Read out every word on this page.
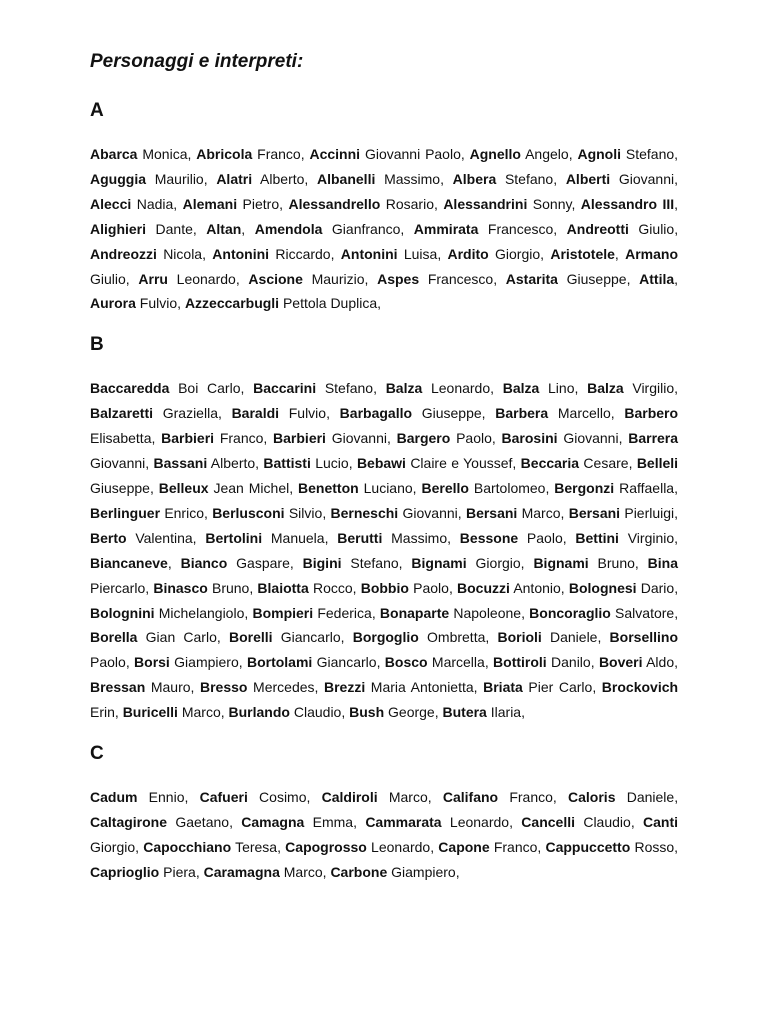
Personaggi e interpreti:
A
Abarca Monica, Abricola Franco, Accinni Giovanni Paolo, Agnello Angelo, Agnoli Stefano, Aguggia Maurilio, Alatri Alberto, Albanelli Massimo, Albera Stefano, Alberti Giovanni, Alecci Nadia, Alemani Pietro, Alessandrello Rosario, Alessandrini Sonny, Alessandro III, Alighieri Dante, Altan, Amendola Gianfranco, Ammirata Francesco, Andreotti Giulio, Andreozzi Nicola, Antonini Riccardo, Antonini Luisa, Ardito Giorgio, Aristotele, Armano Giulio, Arru Leonardo, Ascione Maurizio, Aspes Francesco, Astarita Giuseppe, Attila, Aurora Fulvio, Azzeccarbugli Pettola Duplica,
B
Baccaredda Boi Carlo, Baccarini Stefano, Balza Leonardo, Balza Lino, Balza Virgilio, Balzaretti Graziella, Baraldi Fulvio, Barbagallo Giuseppe, Barbera Marcello, Barbero Elisabetta, Barbieri Franco, Barbieri Giovanni, Bargero Paolo, Barosini Giovanni, Barrera Giovanni, Bassani Alberto, Battisti Lucio, Bebawi Claire e Youssef, Beccaria Cesare, Belleli Giuseppe, Belleux Jean Michel, Benetton Luciano, Berello Bartolomeo, Bergonzi Raffaella, Berlinguer Enrico, Berlusconi Silvio, Berneschi Giovanni, Bersani Marco, Bersani Pierluigi, Berto Valentina, Bertolini Manuela, Berutti Massimo, Bessone Paolo, Bettini Virginio, Biancaneve, Bianco Gaspare, Bigini Stefano, Bignami Giorgio, Bignami Bruno, Bina Piercarlo, Binasco Bruno, Blaiotta Rocco, Bobbio Paolo, Bocuzzi Antonio, Bolognesi Dario, Bolognini Michelangiolo, Bompieri Federica, Bonaparte Napoleone, Boncoraglio Salvatore, Borella Gian Carlo, Borelli Giancarlo, Borgoglio Ombretta, Borioli Daniele, Borsellino Paolo, Borsi Giampiero, Bortolami Giancarlo, Bosco Marcella, Bottiroli Danilo, Boveri Aldo, Bressan Mauro, Bresso Mercedes, Brezzi Maria Antonietta, Briata Pier Carlo, Brockovich Erin, Buricelli Marco, Burlando Claudio, Bush George, Butera Ilaria,
C
Cadum Ennio, Cafueri Cosimo, Caldiroli Marco, Califano Franco, Caloris Daniele, Caltagirone Gaetano, Camagna Emma, Cammarata Leonardo, Cancelli Claudio, Canti Giorgio, Capocchiano Teresa, Capogrosso Leonardo, Capone Franco, Cappuccetto Rosso, Caprioglio Piera, Caramagna Marco, Carbone Giampiero,
